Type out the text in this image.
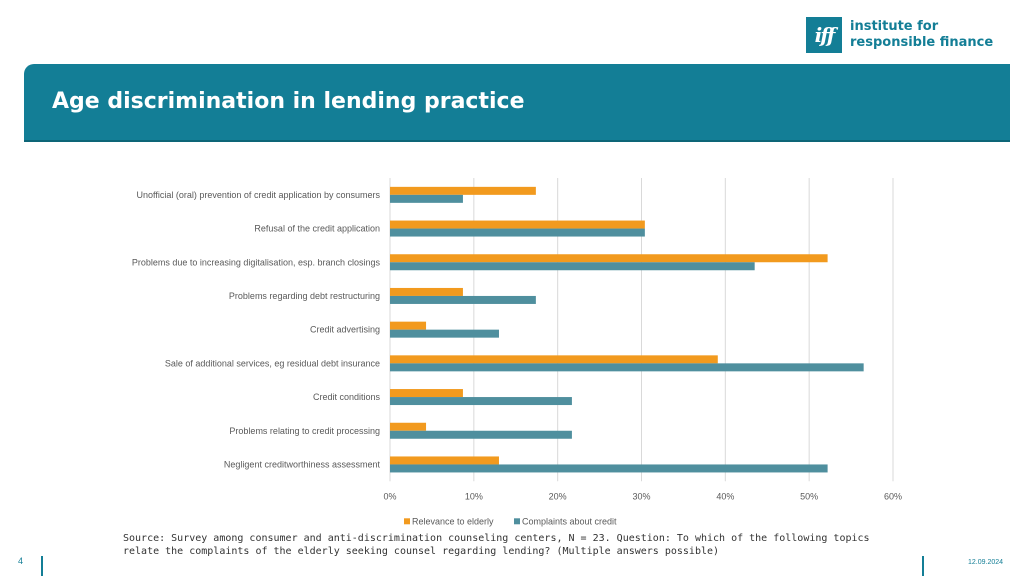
iff institute for
responsible finance
Age discrimination in lending practice
Unofficial (oral) prevention of credit application by consumers
Refusal of the credit application
Problems due to increasing digitalisation, esp. branch closings
Problems regarding debt restructuring
Credit advertising
Sale of additional services, eg residual debt insurance
Credit conditions
Problems relating to credit processing
Negligent creditworthiness assessment
0%	10%	20%	30%	40%	50%	60%
Relevance to elderly	Complaints about credit
Source: Survey among consumer and anti-discrimination counseling centers, N = 23. Question: To which of the following topics relate the complaints of the elderly seeking counsel regarding lending? (Multiple answers possible)
4	12.09.2024
